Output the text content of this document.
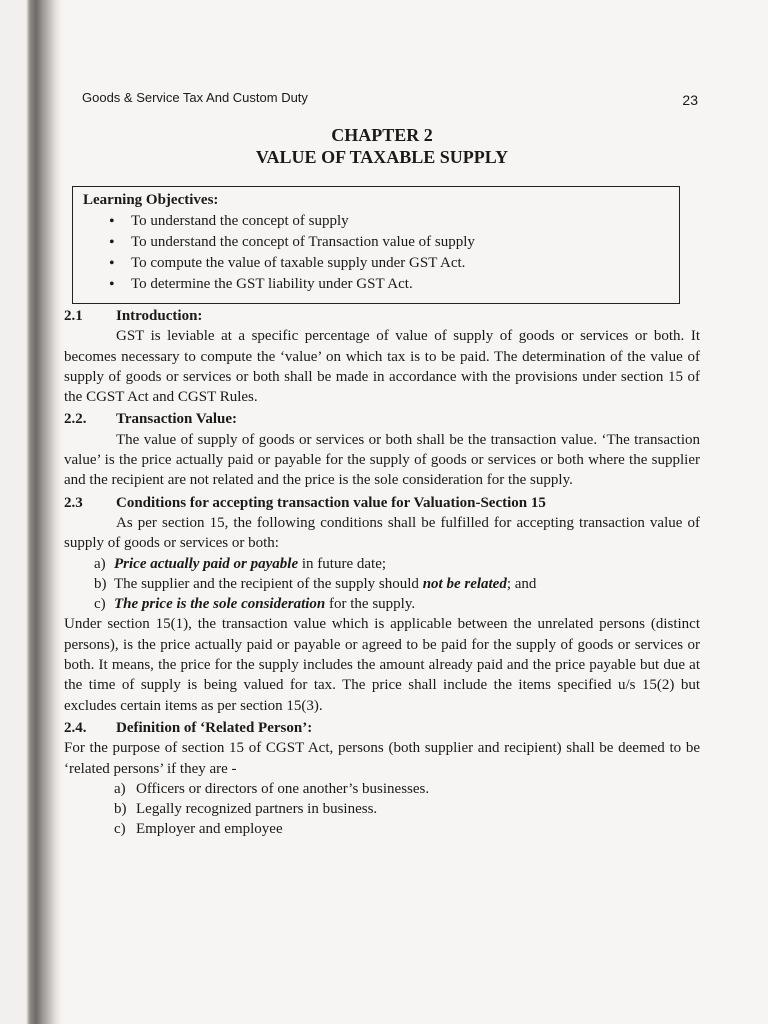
Goods & Service Tax And Custom Duty	23
CHAPTER 2
VALUE OF TAXABLE SUPPLY
Learning Objectives:
• To understand the concept of supply
• To understand the concept of Transaction value of supply
• To compute the value of taxable supply under GST Act.
• To determine the GST liability under GST Act.
2.1	Introduction:

GST is leviable at a specific percentage of value of supply of goods or services or both. It becomes necessary to compute the ‘value’ on which tax is to be paid. The determination of the value of supply of goods or services or both shall be made in accordance with the provisions under section 15 of the CGST Act and CGST Rules.

2.2.	Transaction Value:

The value of supply of goods or services or both shall be the transaction value. ‘The transaction value’ is the price actually paid or payable for the supply of goods or services or both where the supplier and the recipient are not related and the price is the sole consideration for the supply.

2.3	Conditions for accepting transaction value for Valuation-Section 15

As per section 15, the following conditions shall be fulfilled for accepting transaction value of supply of goods or services or both:

a) Price actually paid or payable in future date;
b) The supplier and the recipient of the supply should not be related; and
c) The price is the sole consideration for the supply.

Under section 15(1), the transaction value which is applicable between the unrelated persons (distinct persons), is the price actually paid or payable or agreed to be paid for the supply of goods or services or both. It means, the price for the supply includes the amount already paid and the price payable but due at the time of supply is being valued for tax. The price shall include the items specified u/s 15(2) but excludes certain items as per section 15(3).

2.4.	Definition of ‘Related Person’:

For the purpose of section 15 of CGST Act, persons (both supplier and recipient) shall be deemed to be ‘related persons’ if they are -

a) Officers or directors of one another’s businesses.
b) Legally recognized partners in business.
c) Employer and employee
